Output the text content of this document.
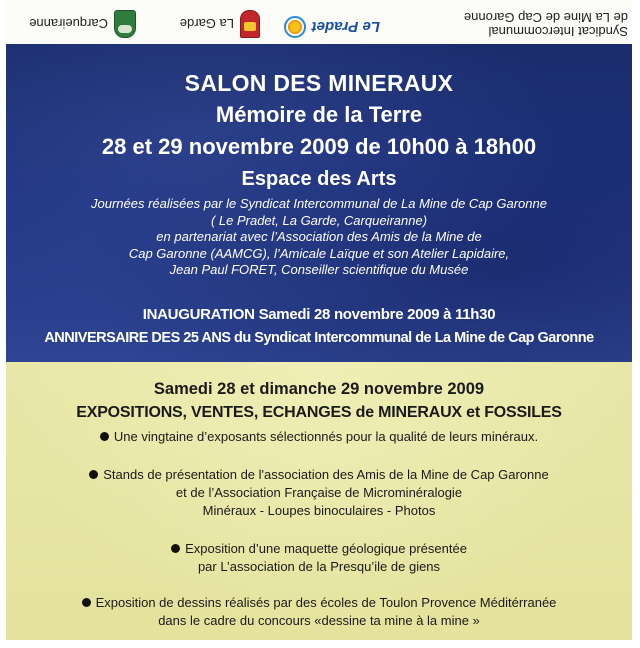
Syndicat Intercommunal
de La Mine de Cap Garonne
Le Pradet
La Garde
Carqueiranne
SALON DES MINERAUX
Mémoire de la Terre
28 et 29 novembre 2009 de 10h00 à 18h00
Espace des Arts
Journées réalisées par le Syndicat Intercommunal de La Mine de Cap Garonne
( Le Pradet, La Garde, Carqueiranne)
en partenariat avec l’Association des Amis de la Mine de
Cap Garonne (AAMCG), l’Amicale Laïque et son Atelier Lapidaire,
Jean Paul FORET, Conseiller scientifique du Musée
INAUGURATION Samedi 28 novembre 2009 à 11h30
ANNIVERSAIRE DES 25 ANS du Syndicat Intercommunal de La Mine de Cap Garonne
Samedi 28 et dimanche 29 novembre 2009
EXPOSITIONS, VENTES, ECHANGES de MINERAUX et FOSSILES
Une vingtaine d’exposants sélectionnés pour la qualité de leurs minéraux.
Stands de présentation de l'association des Amis de la Mine de Cap Garonne
et de l’Association Française de Microminéralogie
Minéraux - Loupes binoculaires - Photos
Exposition d’une maquette géologique présentée
par L’association de la Presqu’ile de giens
Exposition de dessins réalisés par des écoles de Toulon Provence Méditérranée
dans le cadre du concours «dessine ta mine à la mine »
